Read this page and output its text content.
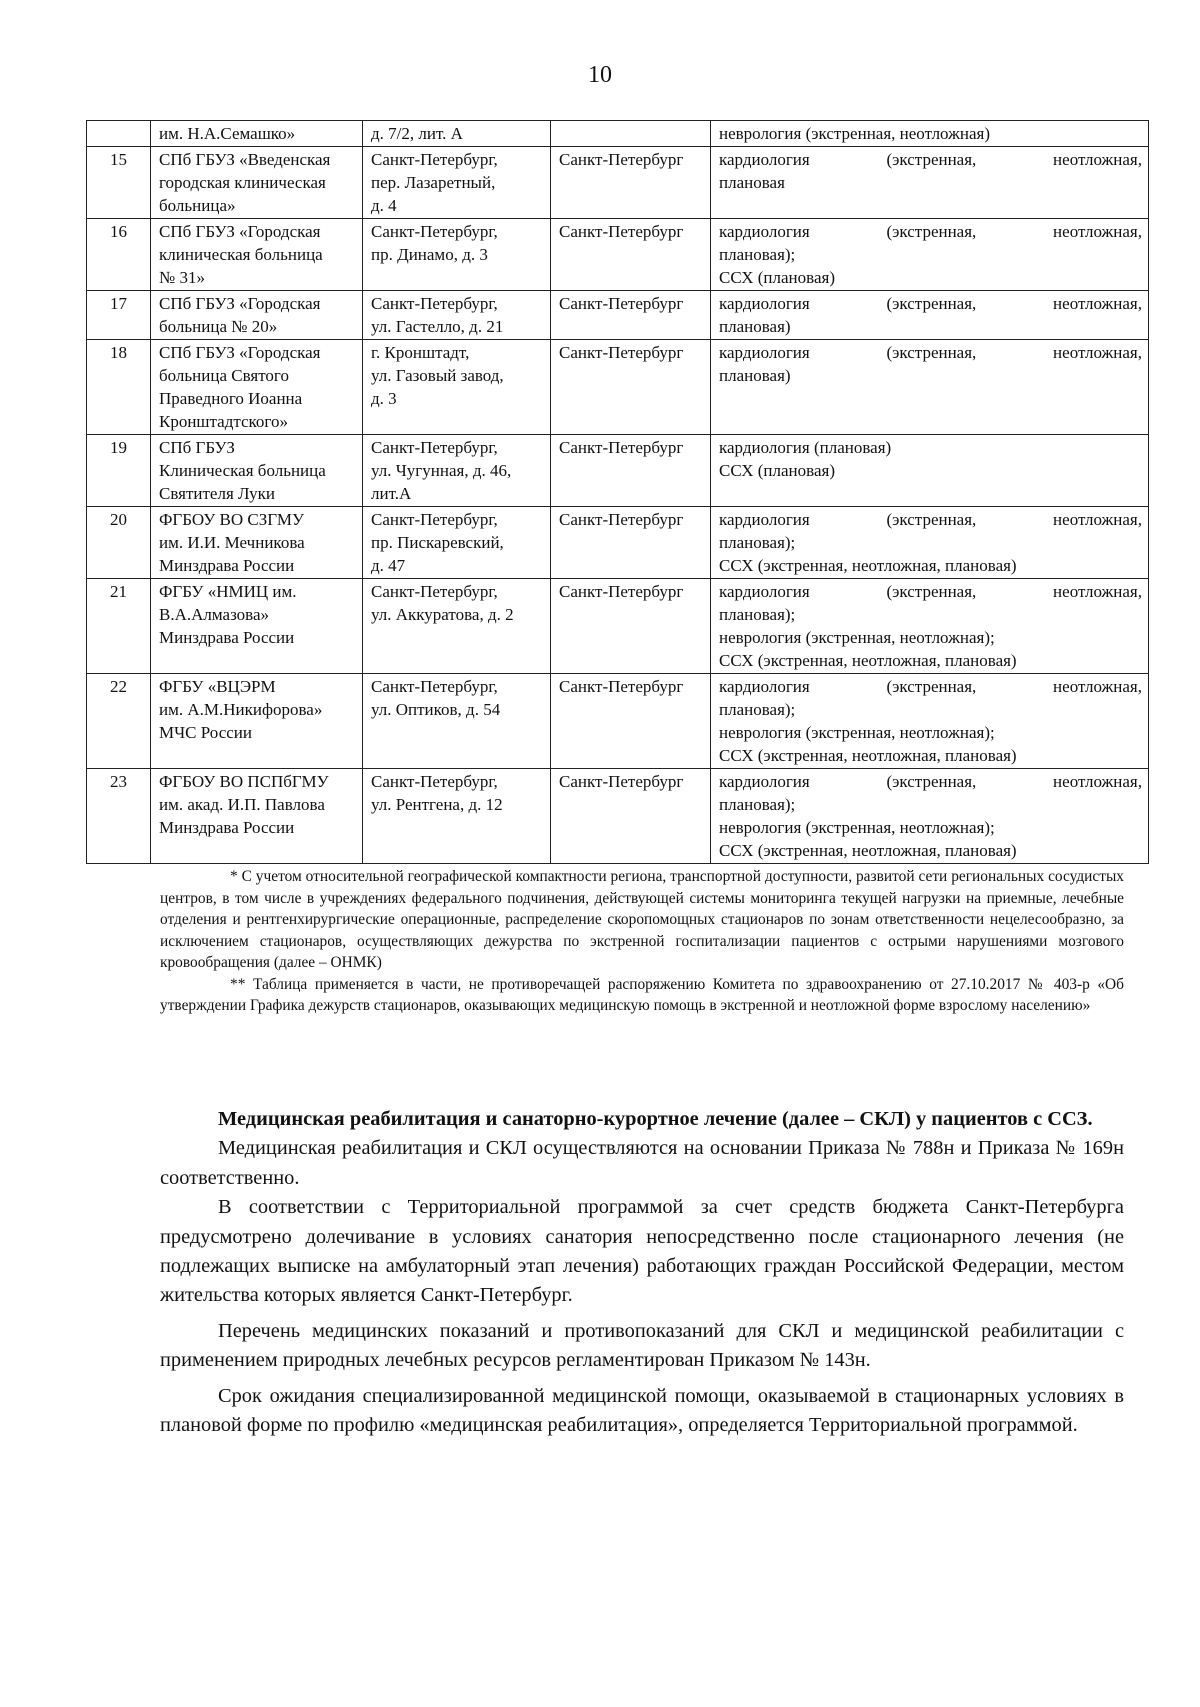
10

	им. Н.А.Семашко»	д. 7/2, лит. А		неврология (экстренная, неотложная)

15	СПб ГБУЗ «Введенская
городская клиническая
больница»	Санкт-Петербург,
пер. Лазаретный,
д. 4	Санкт-Петербург	кардиология (экстренная, неотложная,
плановая

16	СПб ГБУЗ «Городская
клиническая больница
№ 31»	Санкт-Петербург,
пр. Динамо, д. 3	Санкт-Петербург	кардиология (экстренная, неотложная,
плановая);
ССХ (плановая)

17	СПб ГБУЗ «Городская
больница № 20»	Санкт-Петербург,
ул. Гастелло, д. 21	Санкт-Петербург	кардиология (экстренная, неотложная,
плановая)

18	СПб ГБУЗ «Городская
больница Святого
Праведного Иоанна
Кронштадтского»	г. Кронштадт,
ул. Газовый завод,
д. 3	Санкт-Петербург	кардиология (экстренная, неотложная,
плановая)

19	СПб ГБУЗ
Клиническая больница
Святителя Луки	Санкт-Петербург,
ул. Чугунная, д. 46,
лит.А	Санкт-Петербург	кардиология (плановая)
ССХ (плановая)

20	ФГБОУ ВО СЗГМУ
им. И.И. Мечникова
Минздрава России	Санкт-Петербург,
пр. Пискаревский,
д. 47	Санкт-Петербург	кардиология (экстренная, неотложная,
плановая);
ССХ (экстренная, неотложная, плановая)

21	ФГБУ «НМИЦ им.
В.А.Алмазова»
Минздрава России	Санкт-Петербург,
ул. Аккуратова, д. 2	Санкт-Петербург	кардиология (экстренная, неотложная,
плановая);
неврология (экстренная, неотложная);
ССХ (экстренная, неотложная, плановая)

22	ФГБУ «ВЦЭРМ
им. А.М.Никифорова»
МЧС России	Санкт-Петербург,
ул. Оптиков, д. 54	Санкт-Петербург	кардиология (экстренная, неотложная,
плановая);
неврология (экстренная, неотложная);
ССХ (экстренная, неотложная, плановая)

23	ФГБОУ ВО ПСПбГМУ
им. акад. И.П. Павлова
Минздрава России	Санкт-Петербург,
ул. Рентгена, д. 12	Санкт-Петербург	кардиология (экстренная, неотложная,
плановая);
неврология (экстренная, неотложная);
ССХ (экстренная, неотложная, плановая)

* С учетом относительной географической компактности региона, транспортной доступности, развитой сети региональных сосудистых центров, в том числе в учреждениях федерального подчинения, действующей системы мониторинга текущей нагрузки на приемные, лечебные отделения и рентгенхирургические операционные, распределение скоропомощных стационаров по зонам ответственности нецелесообразно, за исключением стационаров, осуществляющих дежурства по экстренной госпитализации пациентов с острыми нарушениями мозгового кровообращения (далее – ОНМК)

** Таблица применяется в части, не противоречащей распоряжению Комитета по здравоохранению от 27.10.2017 № 403-р «Об утверждении Графика дежурств стационаров, оказывающих медицинскую помощь в экстренной и неотложной форме взрослому населению»

Медицинская реабилитация и санаторно-курортное лечение (далее – СКЛ) у пациентов с ССЗ.

Медицинская реабилитация и СКЛ осуществляются на основании Приказа № 788н и Приказа № 169н соответственно.

В соответствии с Территориальной программой за счет средств бюджета Санкт-Петербурга предусмотрено долечивание в условиях санатория непосредственно после стационарного лечения (не подлежащих выписке на амбулаторный этап лечения) работающих граждан Российской Федерации, местом жительства которых является Санкт-Петербург.

Перечень медицинских показаний и противопоказаний для СКЛ и медицинской реабилитации с применением природных лечебных ресурсов регламентирован Приказом № 143н.

Срок ожидания специализированной медицинской помощи, оказываемой в стационарных условиях в плановой форме по профилю «медицинская реабилитация», определяется Территориальной программой.
